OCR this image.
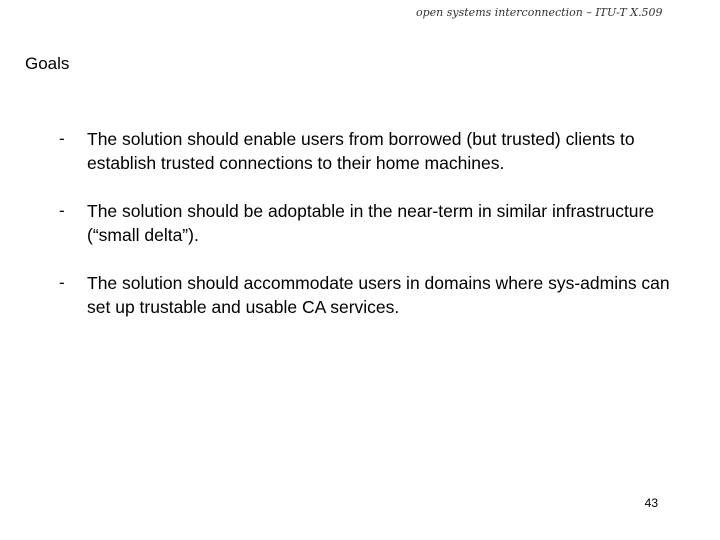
open systems interconnection – ITU-T X.509
Goals
-	The solution should enable users from borrowed (but trusted) clients to establish trusted connections to their home machines.
-	The solution should be adoptable in the near-term in similar infrastructure (“small delta”).
-	The solution should accommodate users in domains where sys-admins can set up trustable and usable CA services.
43
